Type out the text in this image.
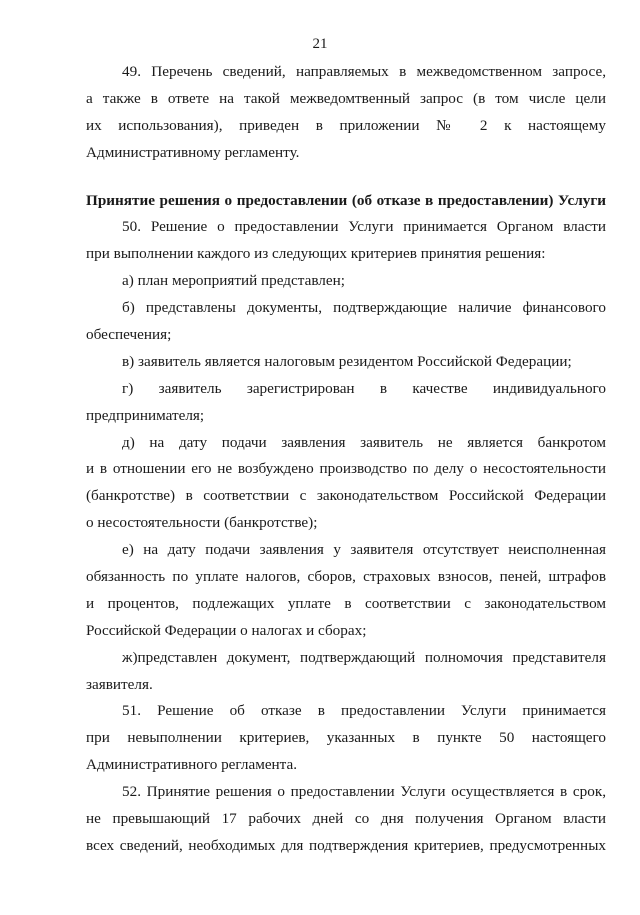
21
49. Перечень сведений, направляемых в межведомственном запросе,
а также в ответе на такой межведомтвенный запрос (в том числе цели
их использования), приведен в приложении № 2 к настоящему
Административному регламенту.
Принятие решения о предоставлении (об отказе в предоставлении) Услуги
50. Решение о предоставлении Услуги принимается Органом власти
при выполнении каждого из следующих критериев принятия решения:
а) план мероприятий представлен;
б) представлены документы, подтверждающие наличие финансового
обеспечения;
в) заявитель является налоговым резидентом Российской Федерации;
г) заявитель зарегистрирован в качестве индивидуального
предпринимателя;
д) на дату подачи заявления заявитель не является банкротом
и в отношении его не возбуждено производство по делу о несостоятельности
(банкротстве) в соответствии с законодательством Российской Федерации
о несостоятельности (банкротстве);
е) на дату подачи заявления у заявителя отсутствует неисполненная
обязанность по уплате налогов, сборов, страховых взносов, пеней, штрафов
и процентов, подлежащих уплате в соответствии с законодательством
Российской Федерации о налогах и сборах;
ж)представлен документ, подтверждающий полномочия представителя
заявителя.
51. Решение об отказе в предоставлении Услуги принимается
при невыполнении критериев, указанных в пункте 50 настоящего
Административного регламента.
52. Принятие решения о предоставлении Услуги осуществляется в срок,
не превышающий 17 рабочих дней со дня получения Органом власти
всех сведений, необходимых для подтверждения критериев, предусмотренных
